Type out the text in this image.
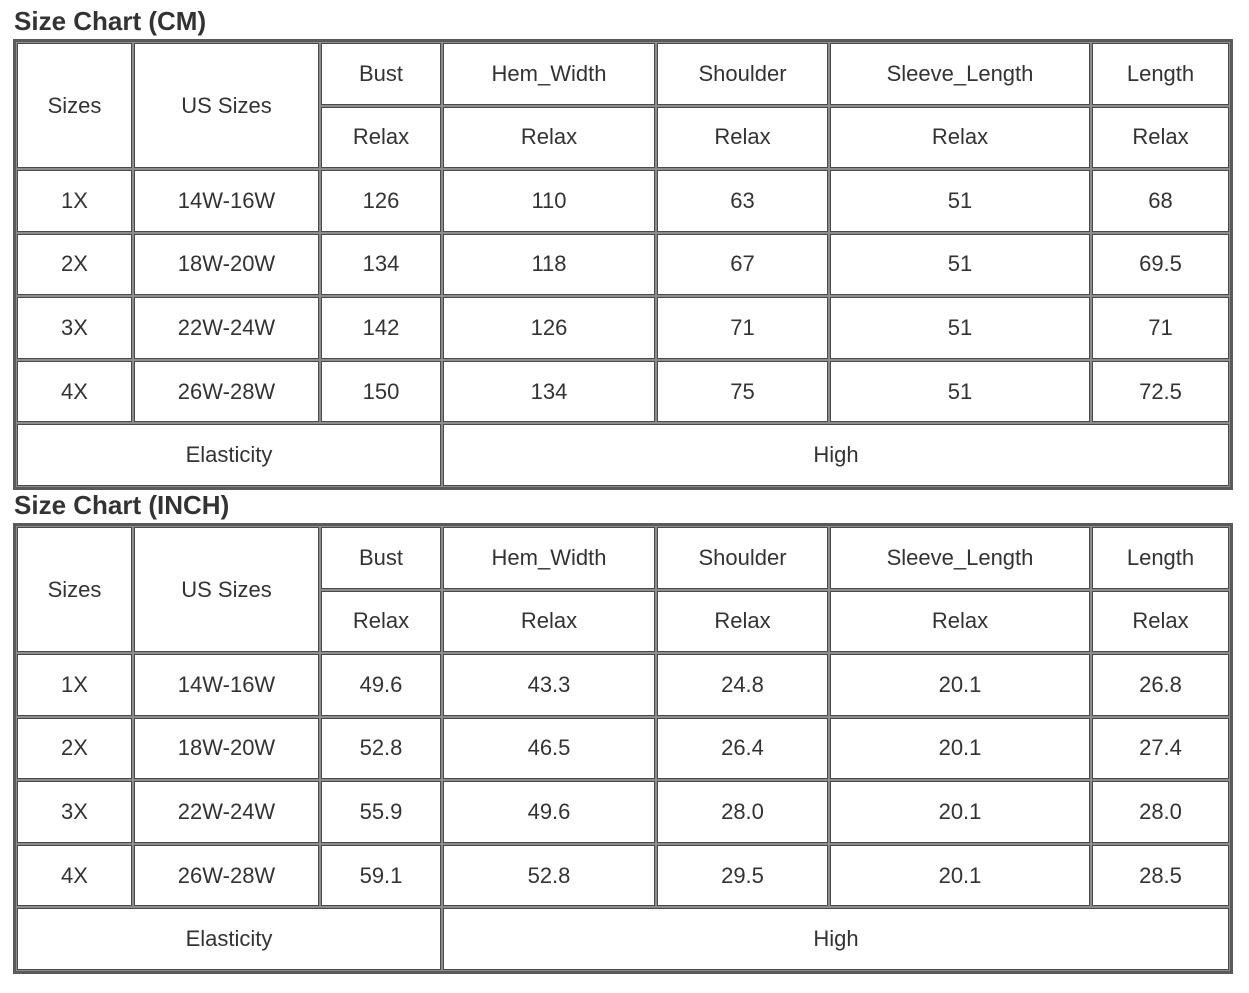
Size Chart (CM)
Sizes	US Sizes	Bust	Hem_Width	Shoulder	Sleeve_Length	Length
		Relax	Relax	Relax	Relax	Relax
1X	14W-16W	126	110	63	51	68
2X	18W-20W	134	118	67	51	69.5
3X	22W-24W	142	126	71	51	71
4X	26W-28W	150	134	75	51	72.5
Elasticity			High			
Size Chart (INCH)
Sizes	US Sizes	Bust	Hem_Width	Shoulder	Sleeve_Length	Length
		Relax	Relax	Relax	Relax	Relax
1X	14W-16W	49.6	43.3	24.8	20.1	26.8
2X	18W-20W	52.8	46.5	26.4	20.1	27.4
3X	22W-24W	55.9	49.6	28.0	20.1	28.0
4X	26W-28W	59.1	52.8	29.5	20.1	28.5
Elasticity			High			
